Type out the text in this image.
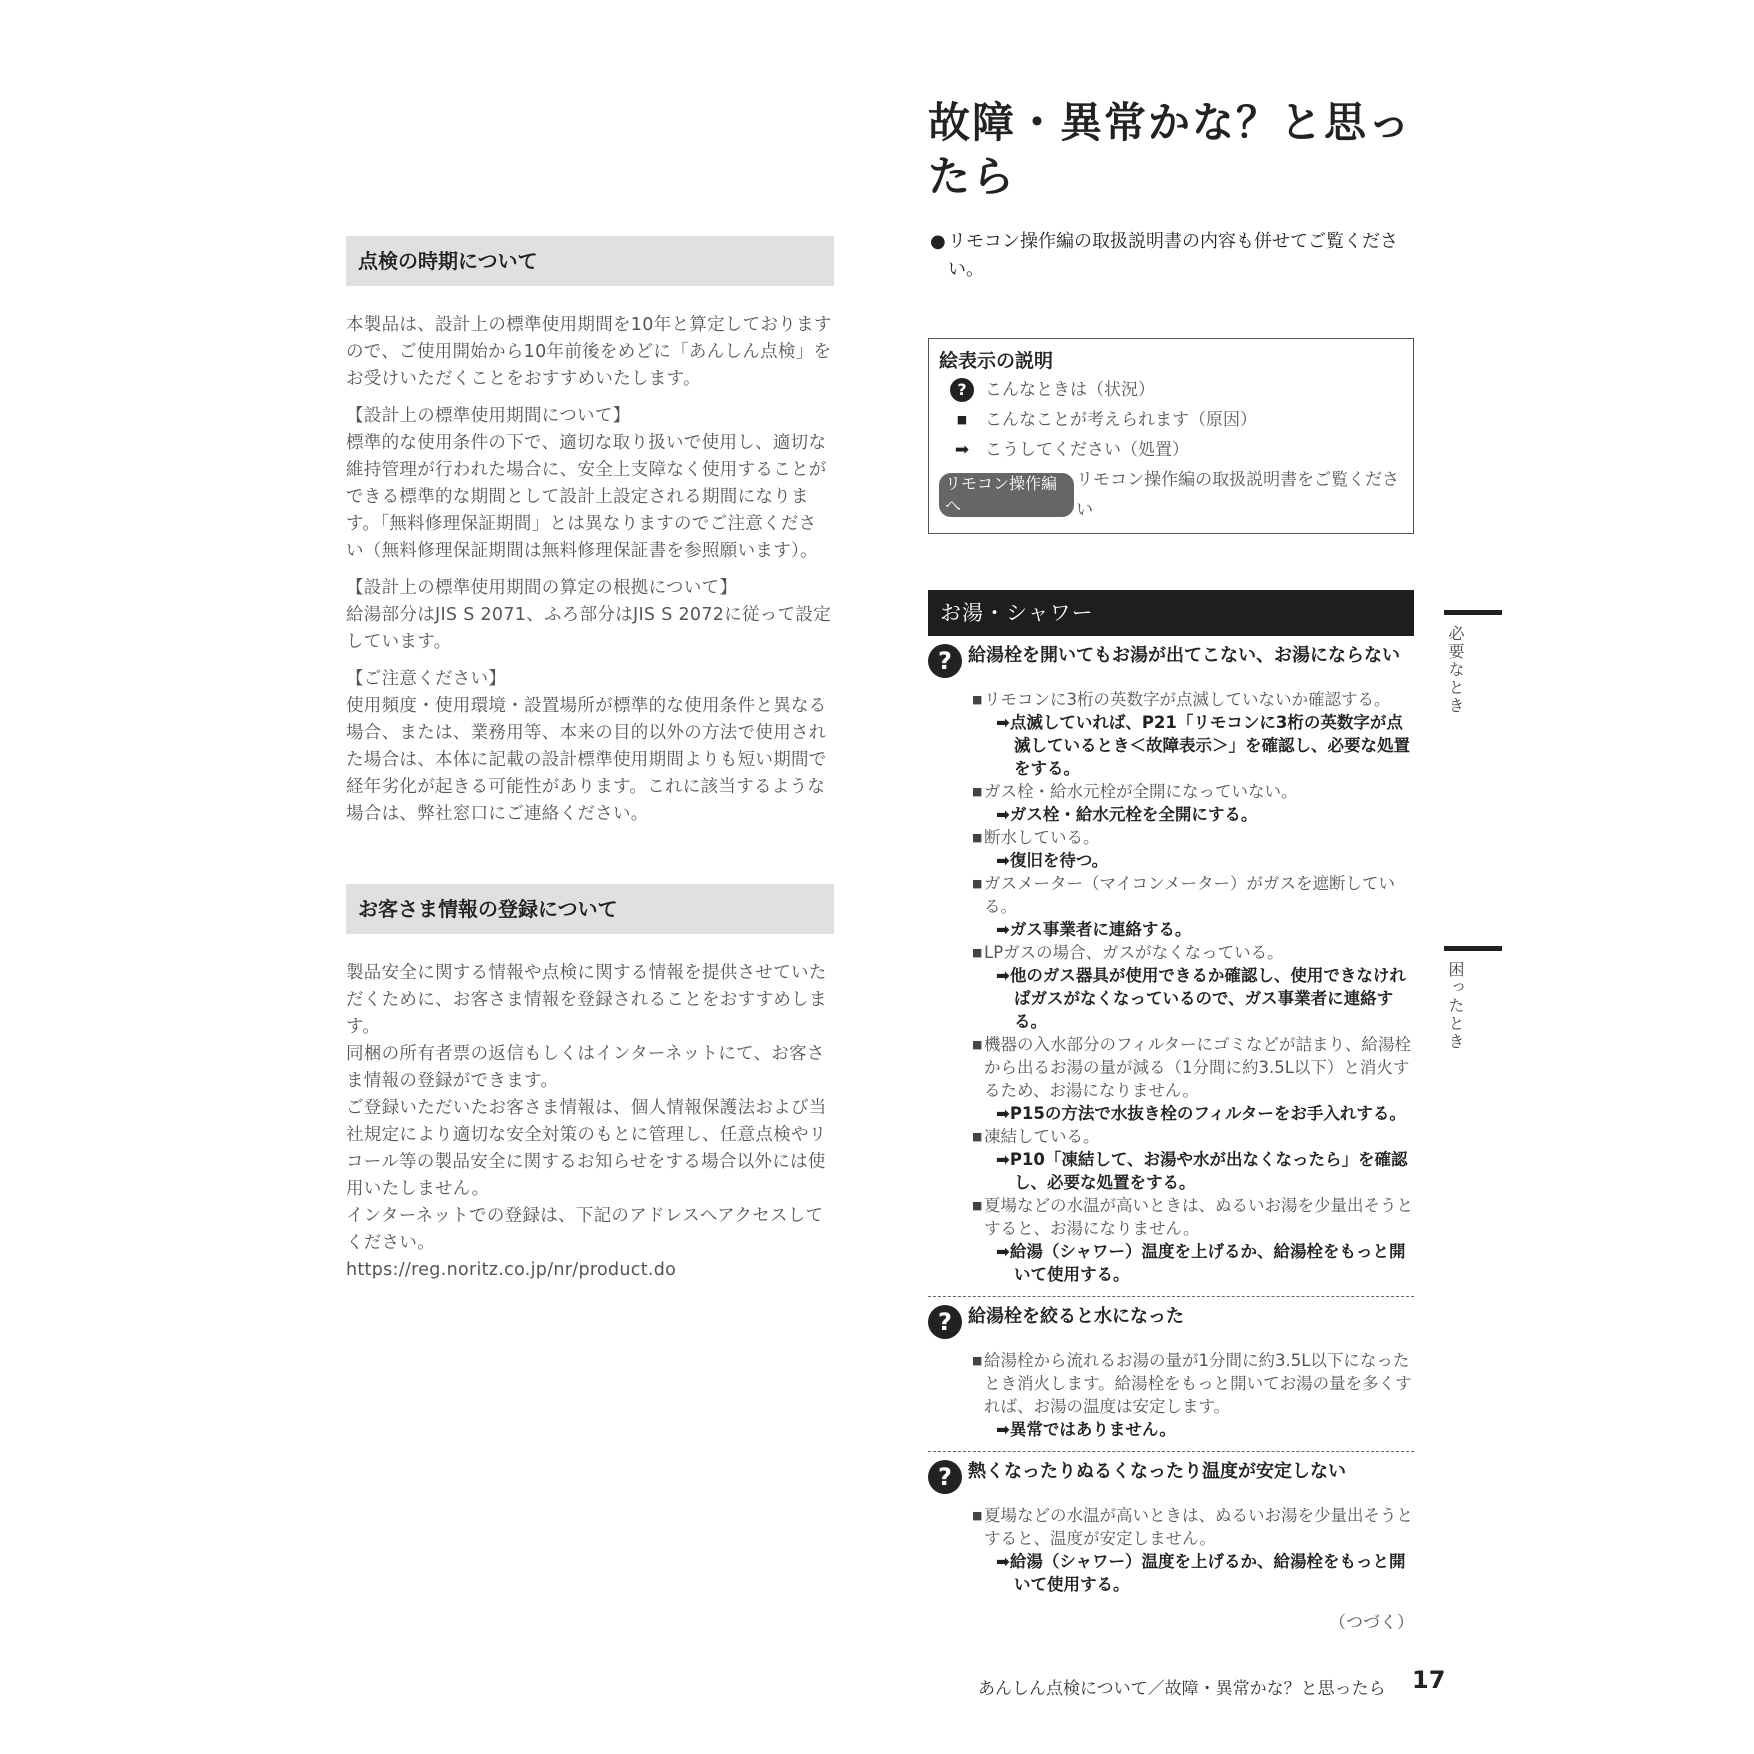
点検の時期について

本製品は、設計上の標準使用期間を10年と算定しておりますので、ご使用開始から10年前後をめどに「あんしん点検」をお受けいただくことをおすすめいたします。

【設計上の標準使用期間について】

標準的な使用条件の下で、適切な取り扱いで使用し、適切な維持管理が行われた場合に、安全上支障なく使用することができる標準的な期間として設計上設定される期間になります。「無料修理保証期間」とは異なりますのでご注意ください（無料修理保証期間は無料修理保証書を参照願います）。

【設計上の標準使用期間の算定の根拠について】

給湯部分はJIS S 2071、ふろ部分はJIS S 2072に従って設定しています。

【ご注意ください】

使用頻度・使用環境・設置場所が標準的な使用条件と異なる場合、または、業務用等、本来の目的以外の方法で使用された場合は、本体に記載の設計標準使用期間よりも短い期間で経年劣化が起きる可能性があります。これに該当するような場合は、弊社窓口にご連絡ください。

お客さま情報の登録について

製品安全に関する情報や点検に関する情報を提供させていただくために、お客さま情報を登録されることをおすすめします。

同梱の所有者票の返信もしくはインターネットにて、お客さま情報の登録ができます。

ご登録いただいたお客さま情報は、個人情報保護法および当社規定により適切な安全対策のもとに管理し、任意点検やリコール等の製品安全に関するお知らせをする場合以外には使用いたしません。

インターネットでの登録は、下記のアドレスへアクセスしてください。

https://reg.noritz.co.jp/nr/product.do

故障・異常かな？と思っ
たら
● リモコン操作編の取扱説明書の内容も併せてご覧ください。
絵表示の説明
?	こんなときは（状況）
■	こんなことが考えられます（原因）
➡ こうしてください（処置）
リモコン操作編へ
リモコン操作編の取扱説明書をご覧ください
お湯・シャワー
? 給湯栓を開いてもお湯が出てこない、お湯にならない
■ リモコンに3桁の英数字が点滅していないか確認する。
➡点滅していれば、P21「リモコンに3桁の英数字が点滅しているとき＜故障表示＞」を確認し、必要な処置をする。
■ ガス栓・給水元栓が全開になっていない。
➡ガス栓・給水元栓を全開にする。
■ 断水している。
➡復旧を待つ。
■ ガスメーター（マイコンメーター）がガスを遮断している。
➡ガス事業者に連絡する。
■ LPガスの場合、ガスがなくなっている。
➡他のガス器具が使用できるか確認し、使用できなければガスがなくなっているので、ガス事業者に連絡する。
■ 機器の入水部分のフィルターにゴミなどが詰まり、給湯栓から出るお湯の量が減る（1分間に約3.5L以下）と消火するため、お湯になりません。
➡P15の方法で水抜き栓のフィルターをお手入れする。
■ 凍結している。
➡P10「凍結して、お湯や水が出なくなったら」を確認し、必要な処置をする。
■ 夏場などの水温が高いときは、ぬるいお湯を少量出そうとすると、お湯になりません。
➡給湯（シャワー）温度を上げるか、給湯栓をもっと開いて使用する。
? 給湯栓を絞ると水になった
■ 給湯栓から流れるお湯の量が1分間に約3.5L以下になったとき消火します。給湯栓をもっと開いてお湯の量を多くすれば、お湯の温度は安定します。
➡異常ではありません。
? 熱くなったりぬるくなったり温度が安定しない
■ 夏場などの水温が高いときは、ぬるいお湯を少量出そうとすると、温度が安定しません。
➡給湯（シャワー）温度を上げるか、給湯栓をもっと開いて使用する。
（つづく）
必要なとき
困ったとき
あんしん点検について／故障・異常かな？と思ったら 17
